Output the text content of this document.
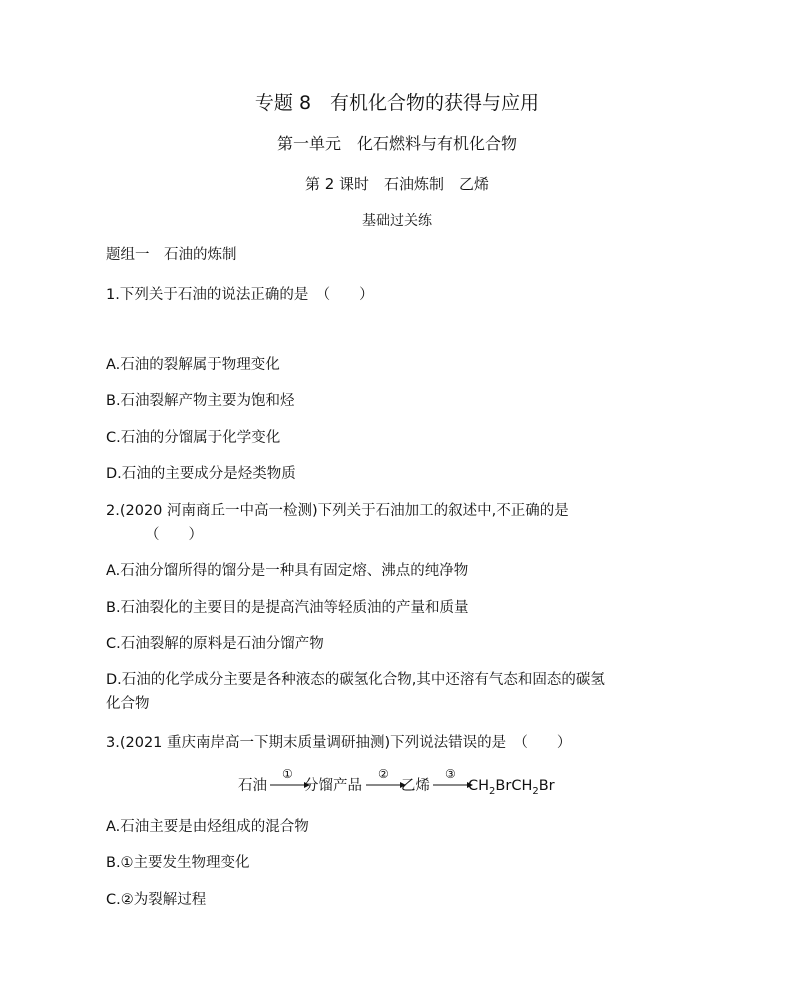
专题 8　有机化合物的获得与应用
第一单元　化石燃料与有机化合物
第 2 课时　石油炼制　乙烯
基础过关练
题组一　石油的炼制
1.下列关于石油的说法正确的是　（　　）
A.石油的裂解属于物理变化
B.石油裂解产物主要为饱和烃
C.石油的分馏属于化学变化
D.石油的主要成分是烃类物质
2.(2020 河南商丘一中高一检测)下列关于石油加工的叙述中,不正确的是
（　　）
A.石油分馏所得的馏分是一种具有固定熔、沸点的纯净物
B.石油裂化的主要目的是提高汽油等轻质油的产量和质量
C.石油裂解的原料是石油分馏产物
D.石油的化学成分主要是各种液态的碳氢化合物,其中还溶有气态和固态的碳氢
化合物
3.(2021 重庆南岸高一下期末质量调研抽测)下列说法错误的是　（　　）
石油
①
分馏产品
②
乙烯
③
$CH_2BrCH_2Br$
A.石油主要是由烃组成的混合物
B.①主要发生物理变化
C.②为裂解过程
